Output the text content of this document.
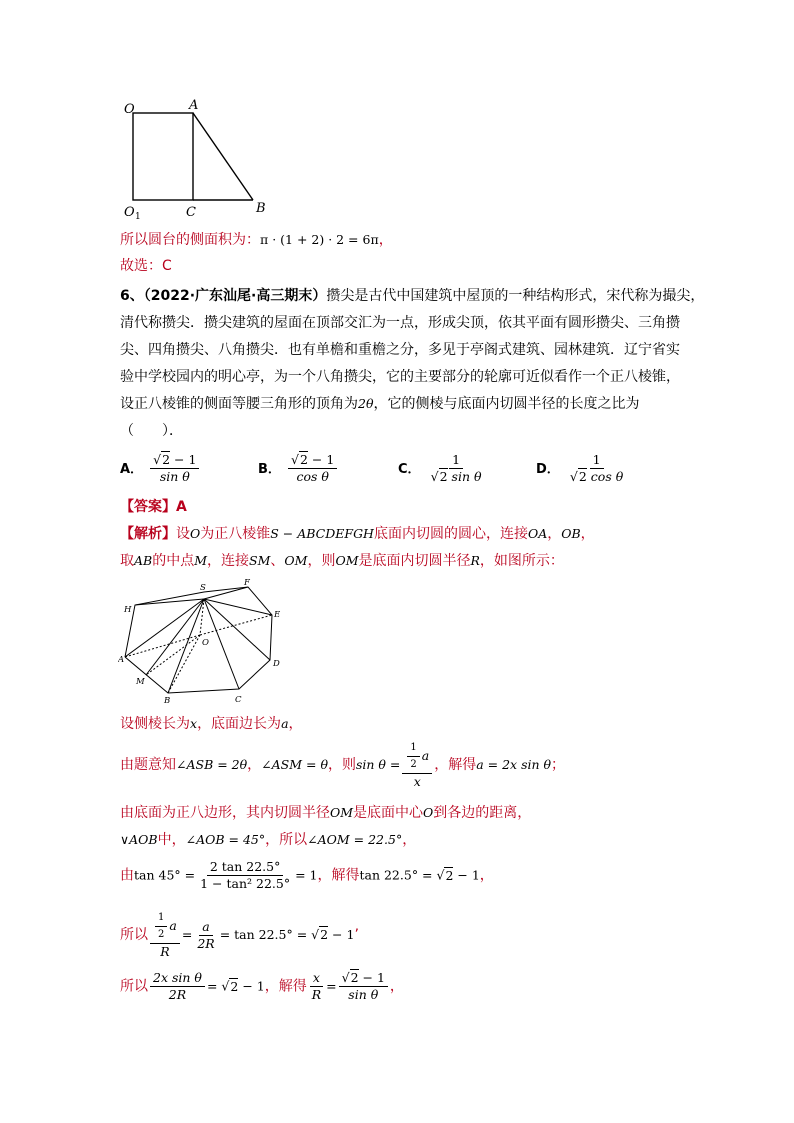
O	A
O 1	C	B
所以圆台的侧面积为：π · (1 + 2) · 2 = 6π，
故选：C
6、（2022·广东汕尾·高三期末）攒尖是古代中国建筑中屋顶的一种结构形式，宋代称为撮尖，
清代称攒尖．攒尖建筑的屋面在顶部交汇为一点，形成尖顶，依其平面有圆形攒尖、三角攒
尖、四角攒尖、八角攒尖．也有单檐和重檐之分，多见于亭阁式建筑、园林建筑．辽宁省实
验中学校园内的明心亭，为一个八角攒尖，它的主要部分的轮廓可近似看作一个正八棱锥，
设正八棱锥的侧面等腰三角形的顶角为2θ，它的侧棱与底面内切圆半径的长度之比为
（　　）．
A． $\frac{√2 - 1}{\text{sin θ}}$	B． $\frac{√2 - 1}{\text{cos θ}}$	C． $\frac{1}{\text{√2 sin θ}}$	D． $\frac{1}{\text{√2 cos θ}}$
【答案】A
【解析】设O为正八棱锥S − ABCDEFGH底面内切圆的圆心，连接OA，OB，
取AB的中点M，连接SM、OM，则OM是底面内切圆半径R，如图所示：
S	F
H	E
O
A	D
M
B	C
设侧棱长为x，底面边长为a，
由题意知∠ASB = 2θ，∠ASM = θ，则$\sin \theta = \frac{\frac{1}{2} a}{x}$ ，解得a = 2x sin θ；
由底面为正八边形，其内切圆半径OM是底面中心O到各边的距离，
∨AOB中，∠AOB = 45°，所以∠AOM = 22.5°，
由$\tan 45^\circ = \frac{2 \tan 22.5^\circ}{\text{1 − tan² 22.5°}} = 1$，解得tan 22.5° = √2 − 1，
所以 $\frac{\frac{1}{2} a}{R} = \frac{a}{2R} = \tan 22.5^\circ = √2 - 1$’
所以 $\frac{\text{2x sin θ}}{2R} = √2 - 1$，解得 $\frac{x}{R} = \frac{√2 - 1}{\text{sin θ}}$ ，
